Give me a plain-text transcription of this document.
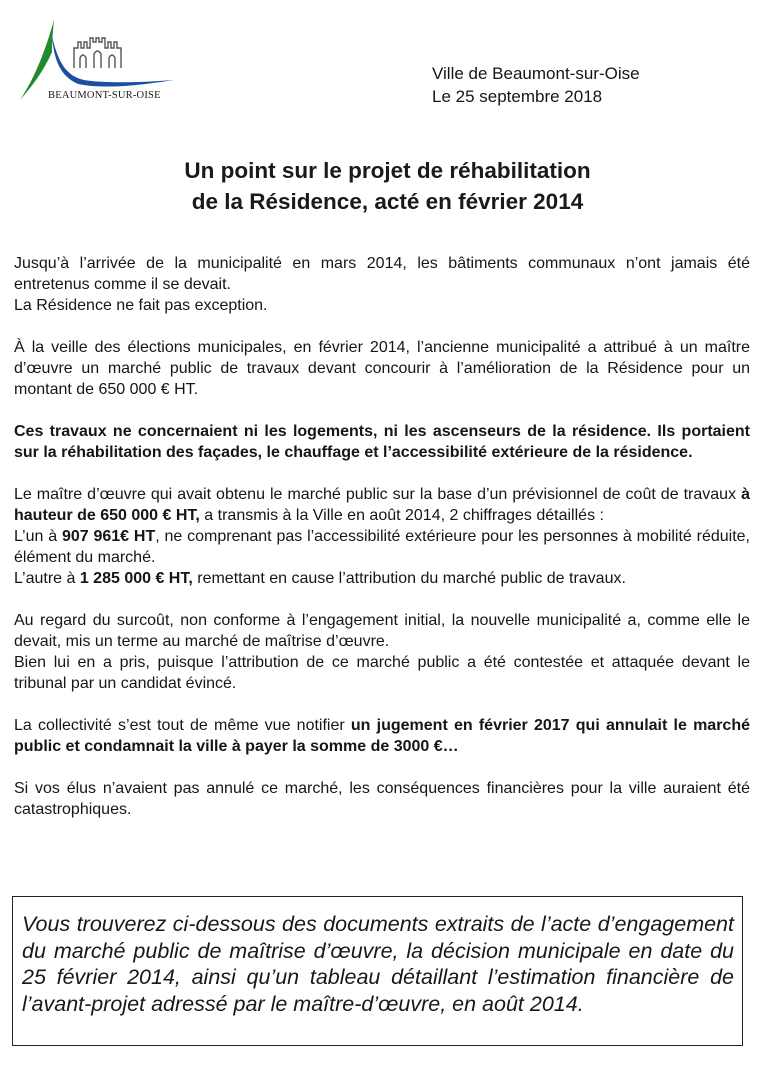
BEAUMONT-SUR-OISE
Ville de Beaumont-sur-Oise
Le 25 septembre 2018
Un point sur le projet de réhabilitation
de la Résidence, acté en février 2014

Jusqu’à l’arrivée de la municipalité en mars 2014, les bâtiments communaux n’ont jamais été entretenus comme il se devait.
La Résidence ne fait pas exception.

À la veille des élections municipales, en février 2014, l’ancienne municipalité a attribué à un maître d’œuvre un marché public de travaux devant concourir à l’amélioration de la Résidence pour un montant de 650 000 € HT.

Ces travaux ne concernaient ni les logements, ni les ascenseurs de la résidence. Ils portaient sur la réhabilitation des façades, le chauffage et l’accessibilité extérieure de la résidence.

Le maître d’œuvre qui avait obtenu le marché public sur la base d’un prévisionnel de coût de travaux à hauteur de 650 000 € HT, a transmis à la Ville en août 2014, 2 chiffrages détaillés :
L’un à 907 961€ HT, ne comprenant pas l’accessibilité extérieure pour les personnes à mobilité réduite, élément du marché.
L’autre à 1 285 000 € HT, remettant en cause l’attribution du marché public de travaux.

Au regard du surcoût, non conforme à l’engagement initial, la nouvelle municipalité a, comme elle le devait, mis un terme au marché de maîtrise d’œuvre.
Bien lui en a pris, puisque l’attribution de ce marché public a été contestée et attaquée devant le tribunal par un candidat évincé.

La collectivité s’est tout de même vue notifier un jugement en février 2017 qui annulait le marché public et condamnait la ville à payer la somme de 3000 €…

Si vos élus n’avaient pas annulé ce marché, les conséquences financières pour la ville auraient été catastrophiques.

Vous trouverez ci-dessous des documents extraits de l’acte d’engagement du marché public de maîtrise d’œuvre, la décision municipale en date du 25 février 2014, ainsi qu’un tableau détaillant l’estimation financière de l’avant-projet adressé par le maître-d’œuvre, en août 2014.
